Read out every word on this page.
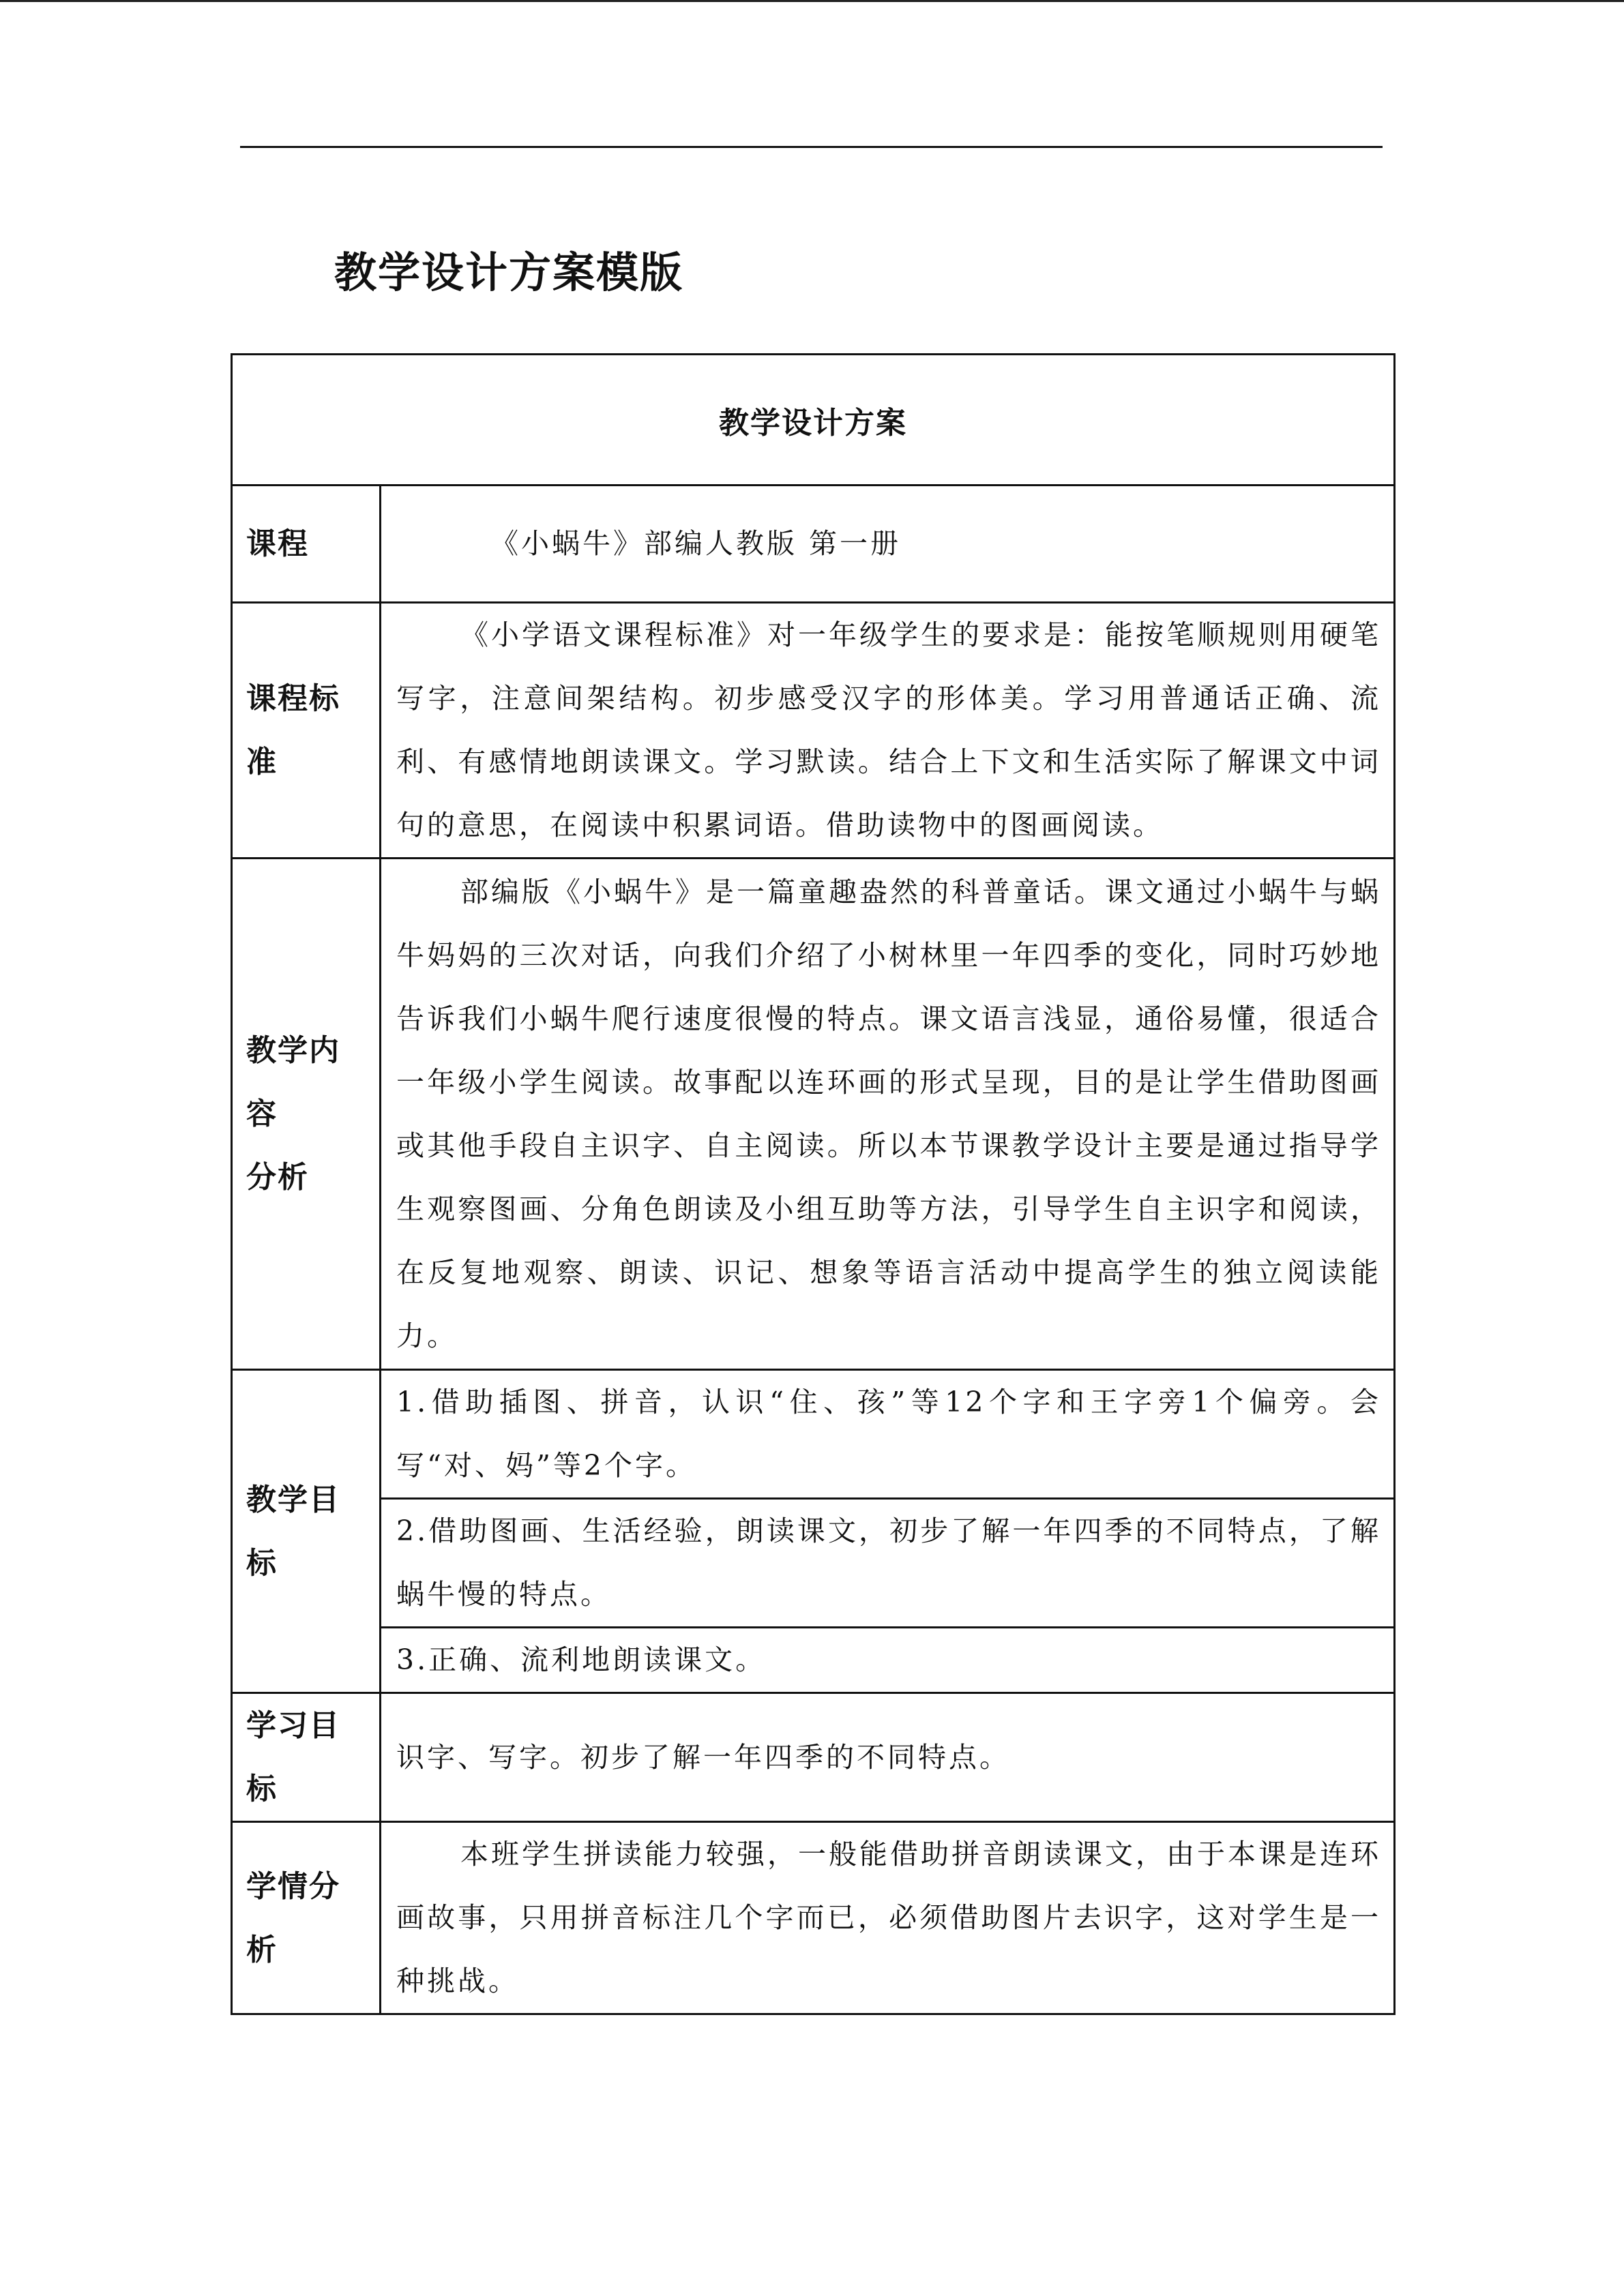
教学设计方案模版
教学设计方案	
课程	《小蜗牛》部编人教版 第一册

课程标准	《小学语文课程标准》对一年级学生的要求是：能按笔顺规则用硬笔写字，注意间架结构。初步感受汉字的形体美。学习用普通话正确、流利、有感情地朗读课文。学习默读。结合上下文和生活实际了解课文中词句的意思，在阅读中积累词语。借助读物中的图画阅读。

教学内容
分析	部编版《小蜗牛》是一篇童趣盎然的科普童话。课文通过小蜗牛与蜗牛妈妈的三次对话，向我们介绍了小树林里一年四季的变化，同时巧妙地告诉我们小蜗牛爬行速度很慢的特点。课文语言浅显，通俗易懂，很适合一年级小学生阅读。故事配以连环画的形式呈现，目的是让学生借助图画或其他手段自主识字、自主阅读。所以本节课教学设计主要是通过指导学生观察图画、分角色朗读及小组互助等方法，引导学生自主识字和阅读，在反复地观察、朗读、识记、想象等语言活动中提高学生的独立阅读能力。

教学目标	1.借助插图、拼音，认识“住、孩”等12个字和王字旁1个偏旁。会写“对、妈”等2个字。
	2.借助图画、生活经验，朗读课文，初步了解一年四季的不同特点，了解蜗牛慢的特点。
	3.正确、流利地朗读课文。

学习目标	识字、写字。初步了解一年四季的不同特点。

学情分析	本班学生拼读能力较强，一般能借助拼音朗读课文，由于本课是连环画故事，只用拼音标注几个字而已，必须借助图片去识字，这对学生是一种挑战。
